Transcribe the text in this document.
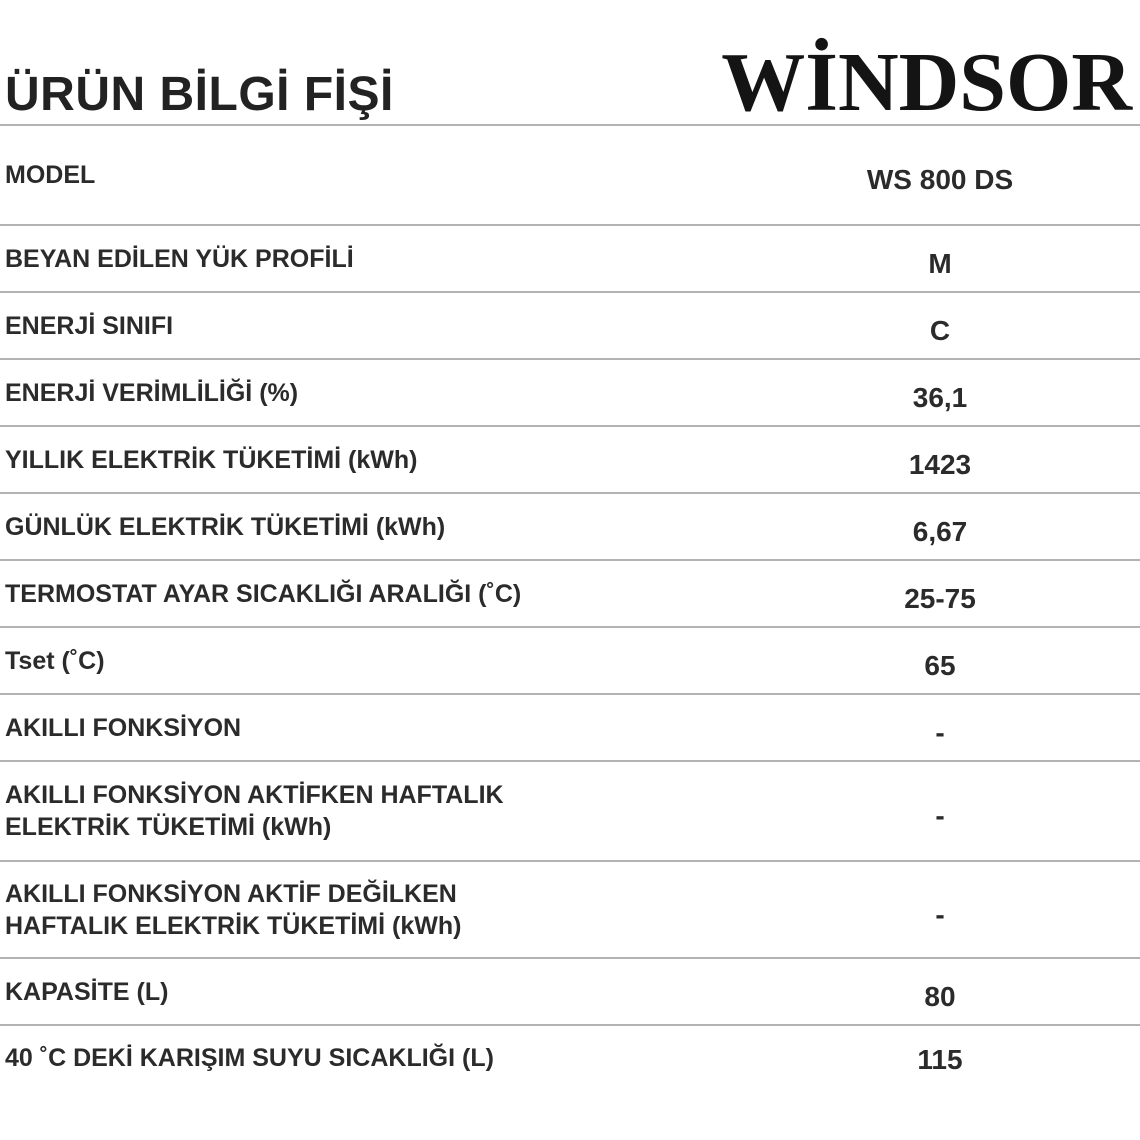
ÜRÜN BİLGİ FİŞİ	WİNDSOR
MODEL	WS 800 DS
BEYAN EDİLEN YÜK PROFİLİ	M
ENERJİ SINIFI	C
ENERJİ VERİMLİLİĞİ (%)	36,1
YILLIK ELEKTRİK TÜKETİMİ (kWh)	1423
GÜNLÜK ELEKTRİK TÜKETİMİ (kWh)	6,67
TERMOSTAT AYAR SICAKLIĞI ARALIĞI (˚C)	25-75
Tset (˚C)	65
AKILLI FONKSİYON	-
AKILLI FONKSİYON AKTİFKEN HAFTALIK
ELEKTRİK TÜKETİMİ (kWh)	-
AKILLI FONKSİYON AKTİF DEĞİLKEN
HAFTALIK ELEKTRİK TÜKETİMİ (kWh)	-
KAPASİTE (L)	80
40 ˚C DEKİ KARIŞIM SUYU SICAKLIĞI (L)	115
